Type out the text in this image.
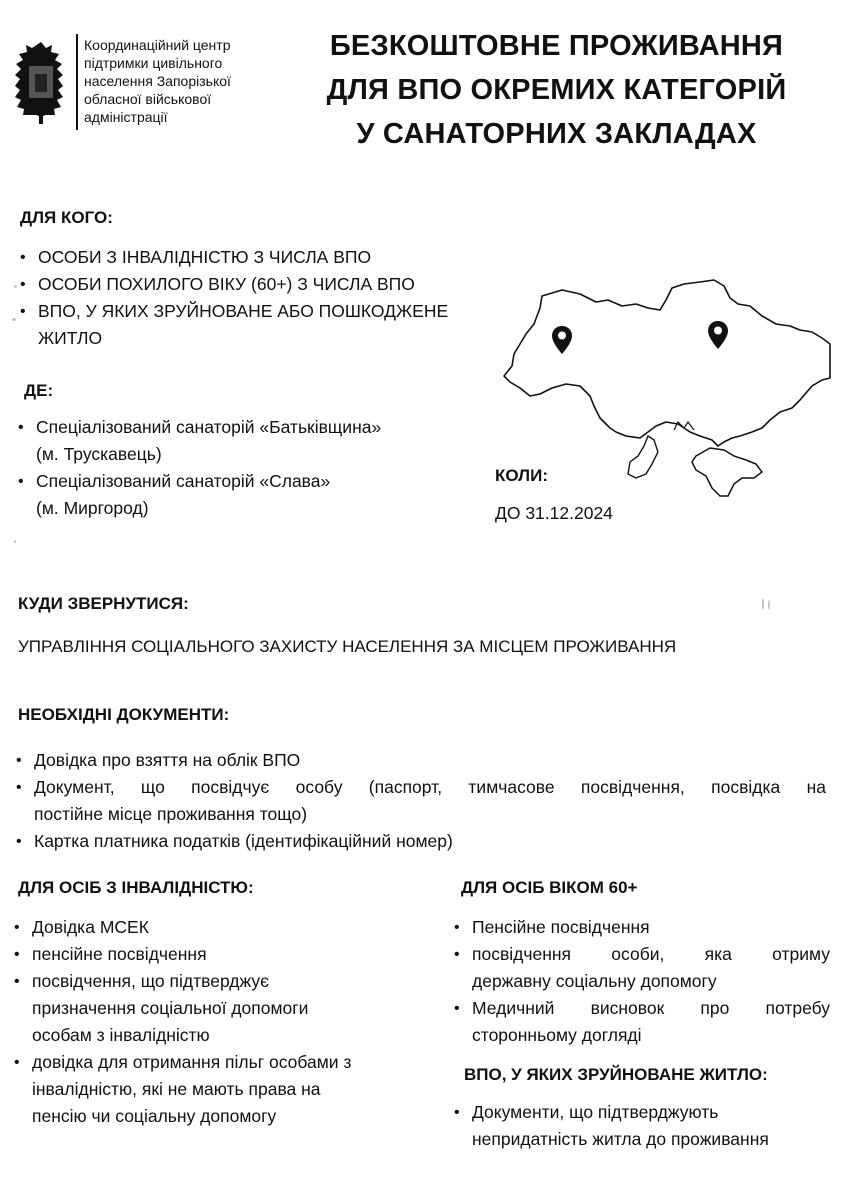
Координаційний центр
підтримки цивільного
населення Запорізької
обласної військової
адміністрації
БЕЗКОШТОВНЕ ПРОЖИВАННЯ
ДЛЯ ВПО ОКРЕМИХ КАТЕГОРІЙ
У САНАТОРНИХ ЗАКЛАДАХ
ДЛЯ КОГО:
• ОСОБИ З ІНВАЛІДНІСТЮ З ЧИСЛА ВПО
• ОСОБИ ПОХИЛОГО ВІКУ (60+) З ЧИСЛА ВПО
• ВПО, У ЯКИХ ЗРУЙНОВАНЕ АБО ПОШКОДЖЕНЕ
ЖИТЛО
ДЕ:
• Спеціалізований санаторій «Батьківщина»
(м. Трускавець)
• Спеціалізований санаторій «Слава»
(м. Миргород)
КОЛИ:
ДО 31.12.2024
КУДИ ЗВЕРНУТИСЯ:
УПРАВЛІННЯ СОЦІАЛЬНОГО ЗАХИСТУ НАСЕЛЕННЯ ЗА МІСЦЕМ ПРОЖИВАННЯ
НЕОБХІДНІ ДОКУМЕНТИ:
• Довідка про взяття на облік ВПО
• Документ, що посвідчує особу (паспорт, тимчасове посвідчення, посвідка на
постійне місце проживання тощо)
• Картка платника податків (ідентифікаційний номер)
ДЛЯ ОСІБ З ІНВАЛІДНІСТЮ:
• Довідка МСЕК
• пенсійне посвідчення
• посвідчення, що підтверджує
призначення соціальної допомоги
особам з інвалідністю
• довідка для отримання пільг особами з
інвалідністю, які не мають права на
пенсію чи соціальну допомогу
ДЛЯ ОСІБ ВІКОМ 60+
• Пенсійне посвідчення
• посвідчення особи, яка отриму
державну соціальну допомогу
• Медичний висновок про потребу
сторонньому догляді
ВПО, У ЯКИХ ЗРУЙНОВАНЕ ЖИТЛО:
• Документи, що підтверджують
непридатність житла до проживання
